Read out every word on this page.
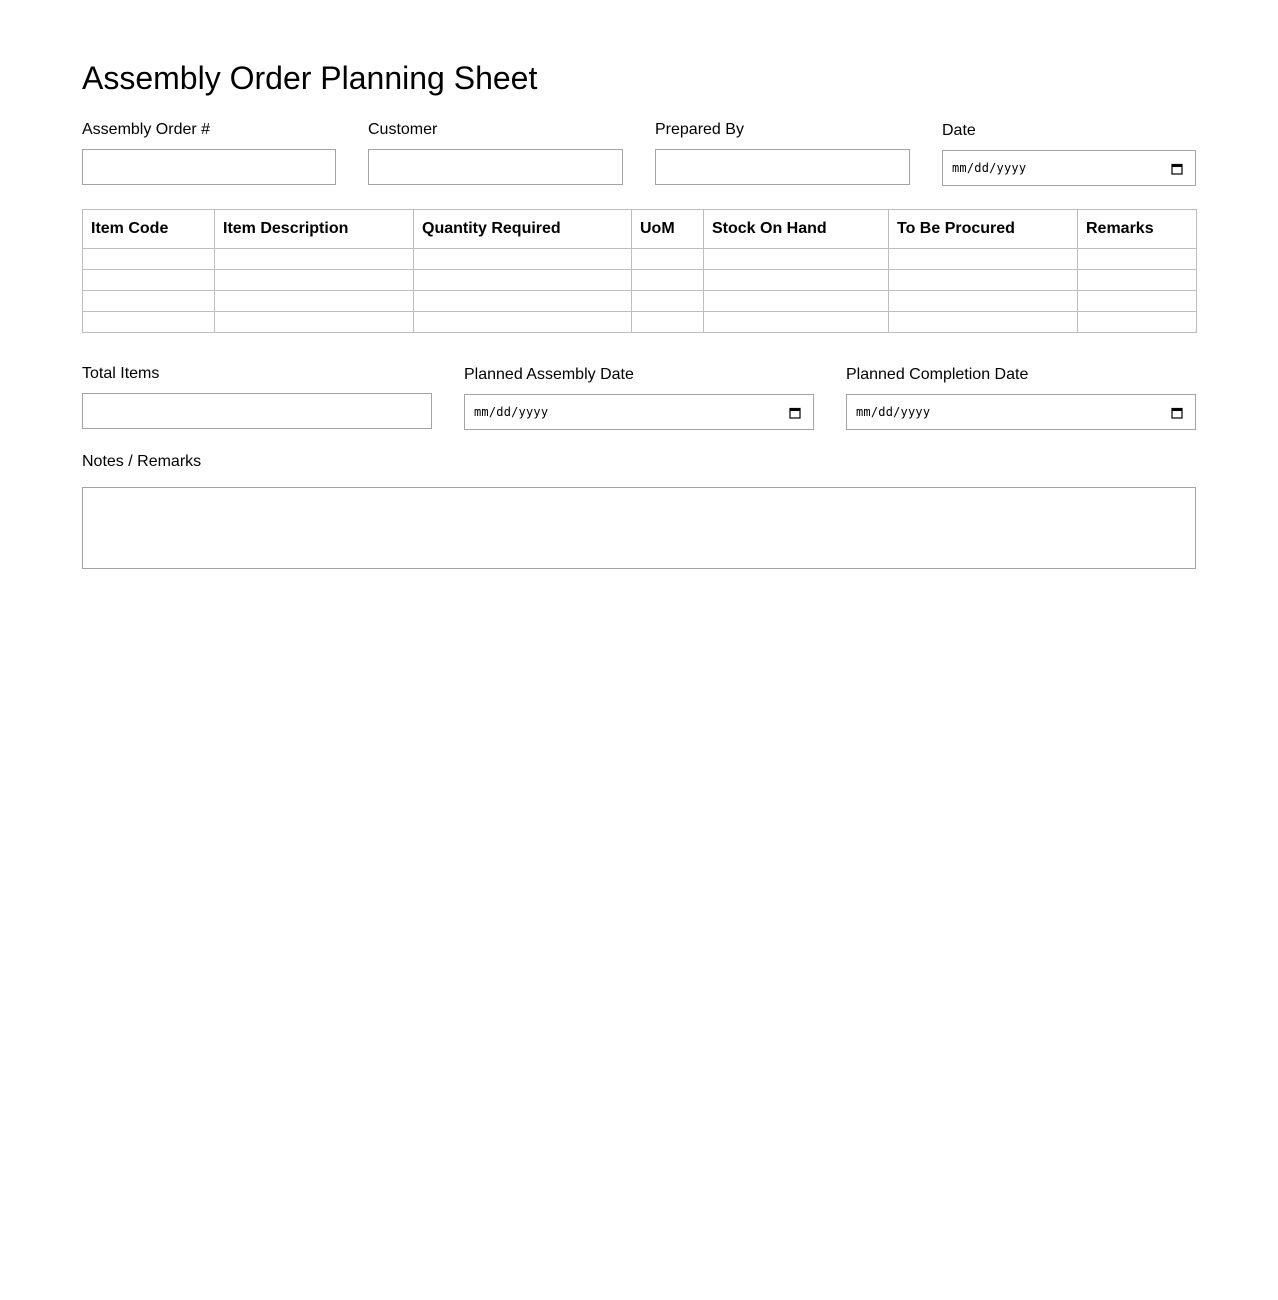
Assembly Order Planning Sheet
Assembly Order #	Customer	Prepared By	Date
mm/dd/yyyy
Item Code	Item Description	Quantity Required	UoM	Stock On Hand	To Be Procured	Remarks

Total Items	Planned Assembly Date
mm/dd/yyyy
Planned Completion Date
mm/dd/yyyy
Notes / Remarks
